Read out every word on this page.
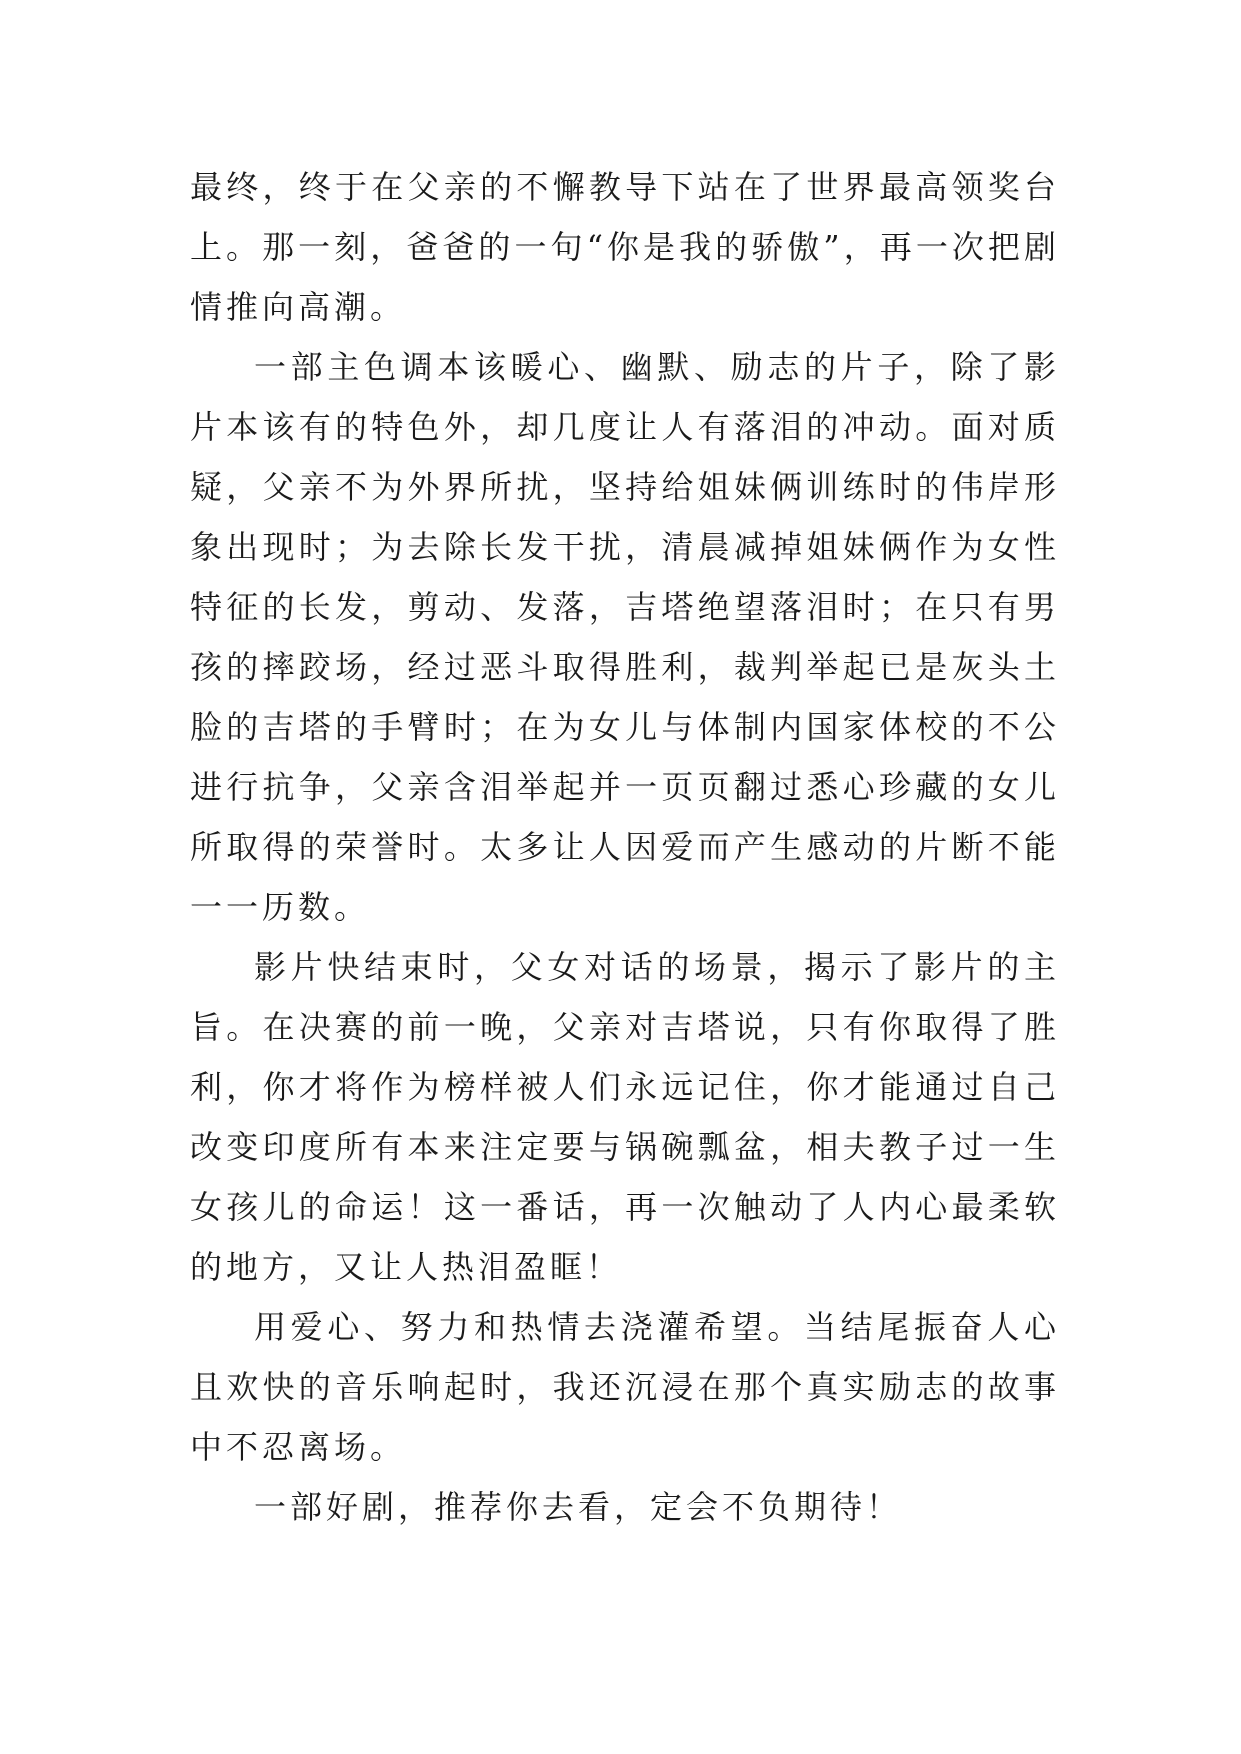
最终，终于在父亲的不懈教导下站在了世界最高领奖台上。那一刻，爸爸的一句“你是我的骄傲”，再一次把剧情推向高潮。

一部主色调本该暖心、幽默、励志的片子，除了影片本该有的特色外，却几度让人有落泪的冲动。面对质疑，父亲不为外界所扰，坚持给姐妹俩训练时的伟岸形象出现时；为去除长发干扰，清晨减掉姐妹俩作为女性特征的长发，剪动、发落，吉塔绝望落泪时；在只有男孩的摔跤场，经过恶斗取得胜利，裁判举起已是灰头土脸的吉塔的手臂时；在为女儿与体制内国家体校的不公进行抗争，父亲含泪举起并一页页翻过悉心珍藏的女儿所取得的荣誉时。太多让人因爱而产生感动的片断不能一一历数。

影片快结束时，父女对话的场景，揭示了影片的主旨。在决赛的前一晚，父亲对吉塔说，只有你取得了胜利，你才将作为榜样被人们永远记住，你才能通过自己改变印度所有本来注定要与锅碗瓢盆，相夫教子过一生女孩儿的命运！这一番话，再一次触动了人内心最柔软的地方，又让人热泪盈眶！

用爱心、努力和热情去浇灌希望。当结尾振奋人心且欢快的音乐响起时，我还沉浸在那个真实励志的故事中不忍离场。

一部好剧，推荐你去看，定会不负期待！
